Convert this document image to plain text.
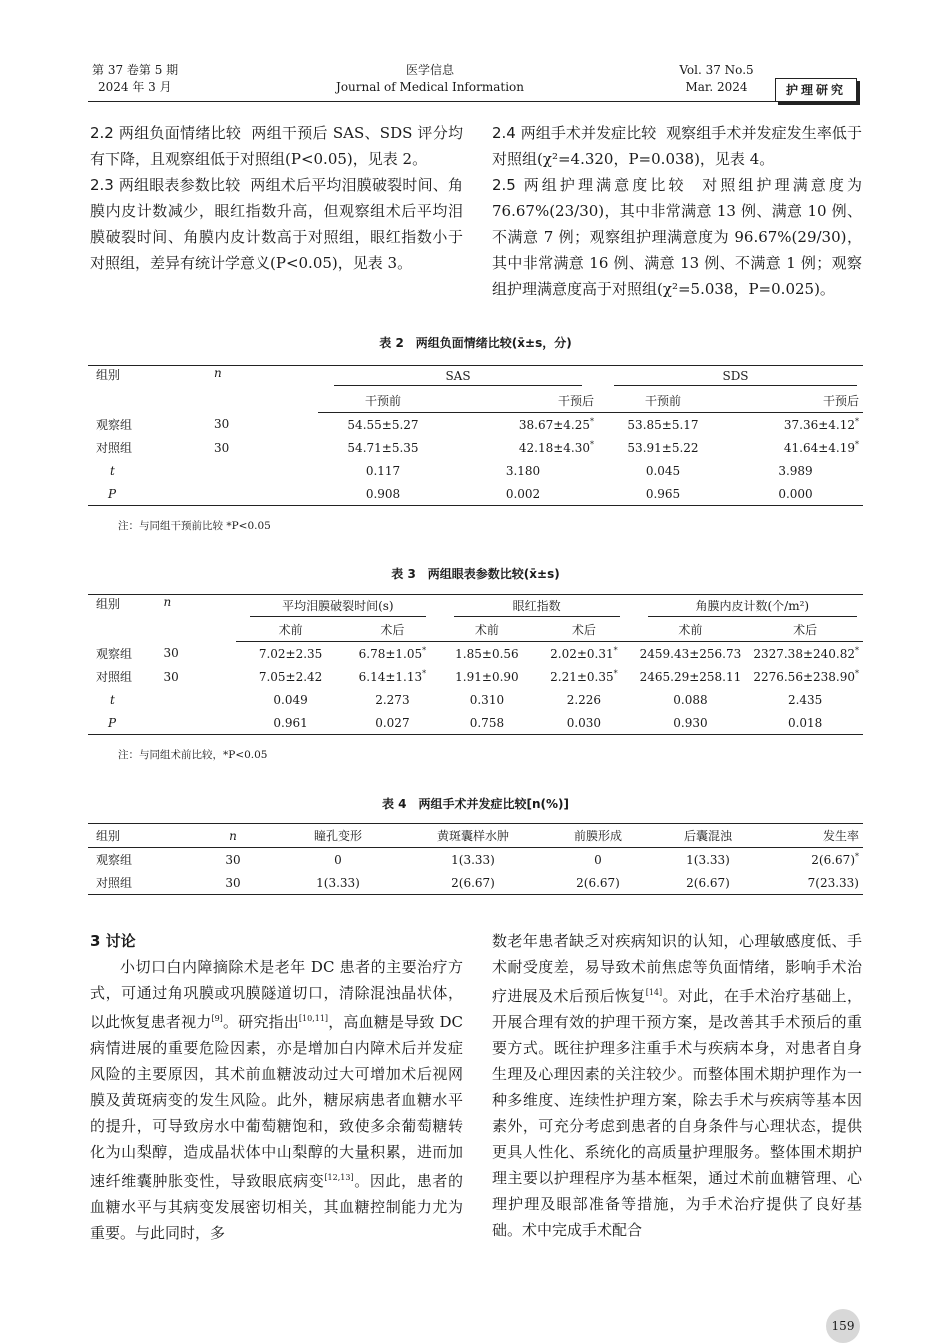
第 37 卷第 5 期
2024 年 3 月
医学信息
Journal of Medical Information
Vol. 37 No.5
Mar. 2024	护理研究

2.2 两组负面情绪比较 两组干预后 SAS、SDS 评分均有下降，且观察组低于对照组(P<0.05)，见表 2。

2.3 两组眼表参数比较 两组术后平均泪膜破裂时间、角膜内皮计数减少，眼红指数升高，但观察组术后平均泪膜破裂时间、角膜内皮计数高于对照组，眼红指数小于对照组，差异有统计学意义(P<0.05)，见表 3。

2.4 两组手术并发症比较 观察组手术并发症发生率低于对照组(χ²=4.320，P=0.038)，见表 4。

2.5 两组护理满意度比较 对照组护理满意度为 76.67%(23/30)，其中非常满意 13 例、满意 10 例、不满意 7 例；观察组护理满意度为 96.67%(29/30)，其中非常满意 16 例、满意 13 例、不满意 1 例；观察组护理满意度高于对照组(χ²=5.038，P=0.025)。

表 2　两组负面情绪比较(x̄±s，分)
组别	n	SAS		SDS	

		干预前	干预后	干预前	干预后
观察组	30	54.55±5.27	38.67±4.25*	53.85±5.17	37.36±4.12*
对照组	30	54.71±5.35	42.18±4.30*	53.91±5.22	41.64±4.19*
t		0.117	3.180	0.045	3.989
P		0.908	0.002	0.965	0.000
注：与同组干预前比较 *P<0.05
表 3　两组眼表参数比较(x̄±s)
组别	n	平均泪膜破裂时间(s)		眼红指数		角膜内皮计数(个/m²)	

		术前	术后	术前	术后	术前	术后
观察组	30	7.02±2.35	6.78±1.05*	1.85±0.56	2.02±0.31*	2459.43±256.73	2327.38±240.82*
对照组	30	7.05±2.42	6.14±1.13*	1.91±0.90	2.21±0.35*	2465.29±258.11	2276.56±238.90*
t		0.049	2.273	0.310	2.226	0.088	2.435
P		0.961	0.027	0.758	0.030	0.930	0.018
注：与同组术前比较，*P<0.05
表 4　两组手术并发症比较[n(%)]
组别	n	瞳孔变形	黄斑囊样水肿	前膜形成	后囊混浊	发生率
观察组	30	0	1(3.33)	0	1(3.33)	2(6.67)*
对照组	30	1(3.33)	2(6.67)	2(6.67)	2(6.67)	7(23.33)

3 讨论

小切口白内障摘除术是老年 DC 患者的主要治疗方式，可通过角巩膜或巩膜隧道切口，清除混浊晶状体，以此恢复患者视力[9]。研究指出[10,11]，高血糖是导致 DC 病情进展的重要危险因素，亦是增加白内障术后并发症风险的主要原因，其术前血糖波动过大可增加术后视网膜及黄斑病变的发生风险。此外，糖尿病患者血糖水平的提升，可导致房水中葡萄糖饱和，致使多余葡萄糖转化为山梨醇，造成晶状体中山梨醇的大量积累，进而加速纤维囊肿胀变性，导致眼底病变[12,13]。因此，患者的血糖水平与其病变发展密切相关，其血糖控制能力尤为重要。与此同时，多

数老年患者缺乏对疾病知识的认知，心理敏感度低、手术耐受度差，易导致术前焦虑等负面情绪，影响手术治疗进展及术后预后恢复[14]。对此，在手术治疗基础上，开展合理有效的护理干预方案，是改善其手术预后的重要方式。既往护理多注重手术与疾病本身，对患者自身生理及心理因素的关注较少。而整体围术期护理作为一种多维度、连续性护理方案，除去手术与疾病等基本因素外，可充分考虑到患者的自身条件与心理状态，提供更具人性化、系统化的高质量护理服务。整体围术期护理主要以护理程序为基本框架，通过术前血糖管理、心理护理及眼部准备等措施，为手术治疗提供了良好基础。术中完成手术配合

159
